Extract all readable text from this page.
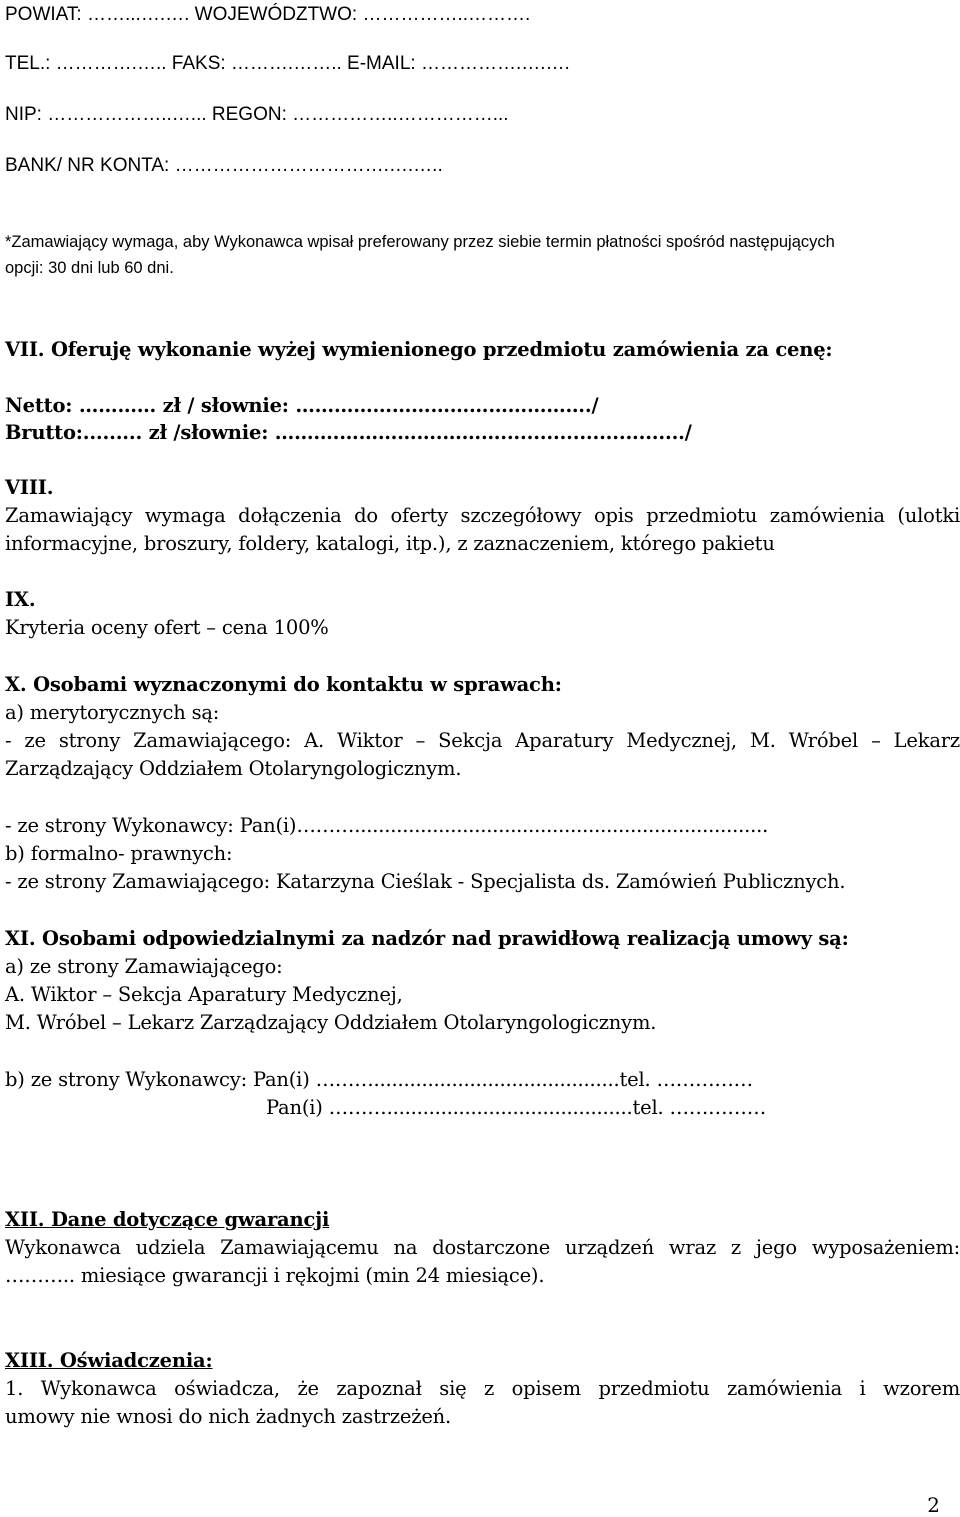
POWIAT: ……...….…. WOJEWÓDZTWO: ……………..……….

TEL.: ………….….. FAKS: ……….…….. E-MAIL: …………….….….

NIP: ………………..…... REGON: ……………..……………...

BANK/ NR KONTA: …………………………….….…..

*Zamawiający wymaga, aby Wykonawca wpisał preferowany przez siebie termin płatności spośród następujących

opcji: 30 dni lub 60 dni.

VII. Oferuję wykonanie wyżej wymienionego przedmiotu zamówienia za cenę:

Netto: ………… zł / słownie: ………………………………………./

Brutto:......... zł /słownie: ……….…………….………............................/

VIII.

Zamawiający wymaga dołączenia do oferty szczegółowy opis przedmiotu zamówienia (ulotki

informacyjne, broszury, foldery, katalogi, itp.), z zaznaczeniem, którego pakietu

IX.

Kryteria oceny ofert – cena 100%

X. Osobami wyznaczonymi do kontaktu w sprawach:

a) merytorycznych są:

- ze strony Zamawiającego: A. Wiktor – Sekcja Aparatury Medycznej, M. Wróbel – Lekarz

Zarządzający Oddziałem Otolaryngologicznym.

- ze strony Wykonawcy: Pan(i)……….....................................................................

b) formalno- prawnych:

- ze strony Zamawiającego: Katarzyna Cieślak - Specjalista ds. Zamówień Publicznych.

XI. Osobami odpowiedzialnymi za nadzór nad prawidłową realizacją umowy są:

a) ze strony Zamawiającego:

A. Wiktor – Sekcja Aparatury Medycznej,

M. Wróbel – Lekarz Zarządzający Oddziałem Otolaryngologicznym.

b) ze strony Wykonawcy: Pan(i) ……….........................................tel. ……………

Pan(i) ……….........................................tel. ……………

XII. Dane dotyczące gwarancji

Wykonawca udziela Zamawiającemu na dostarczone urządzeń wraz z jego wyposażeniem:

……….. miesiące gwarancji i rękojmi (min 24 miesiące).

XIII. Oświadczenia:

1. Wykonawca oświadcza, że zapoznał się z opisem przedmiotu zamówienia i wzorem

umowy nie wnosi do nich żadnych zastrzeżeń.

2
